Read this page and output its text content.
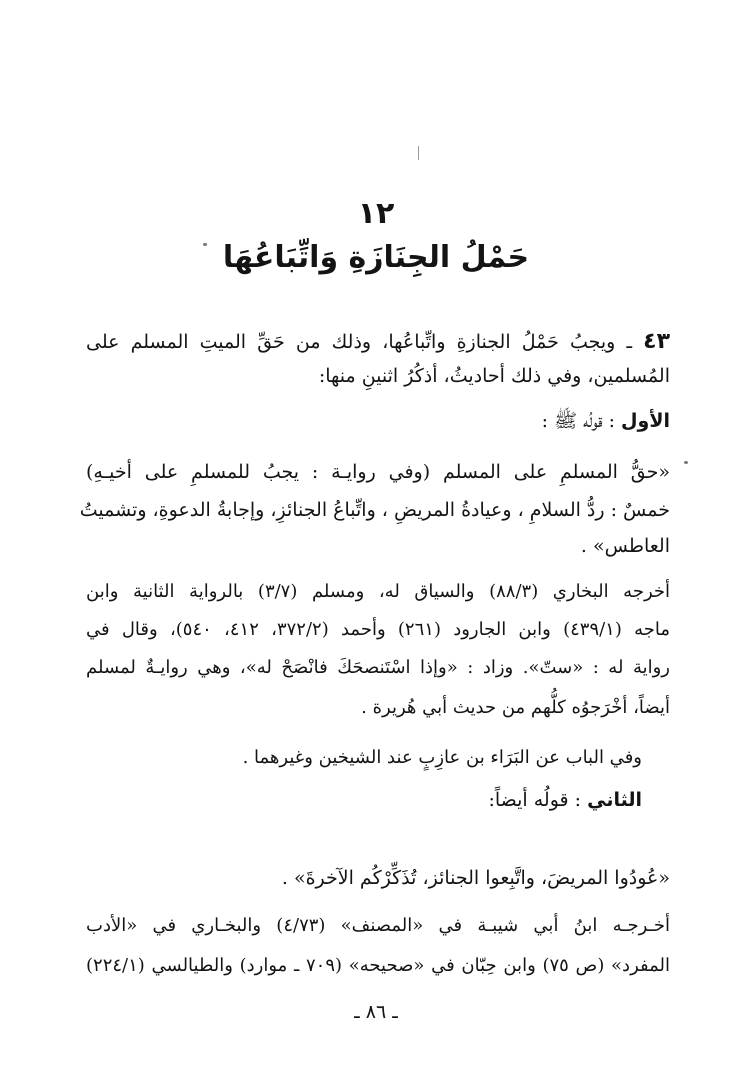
١٢
حَمْلُ الجِنَازَةِ وَاتِّبَاعُهَا
٤٣ ـ ويجبُ حَمْلُ الجنازةِ واتِّباعُها، وذلك من حَقِّ الميتِ المسلم على
المُسلمين، وفي ذلك أحاديثُ، أذكُرُ اثنينِ منها:
الأول : قولُه ﷺ :
«حقُّ المسلمِ على المسلم (وفي روايـة : يجبُ للمسلمِ على أخيـهِ)
خمسٌ : ردُّ السلامِ ، وعيادةُ المريضِ ، واتِّباعُ الجنائزِ، وإجابةُ الدعوةِ، وتشميتُ
العاطس» .
أخرجه البخاري (٨٨/٣) والسياق له، ومسلم (٣/٧) بالرواية الثانية وابن
ماجه (٤٣٩/١) وابن الجارود (٢٦١) وأحمد (٣٧٢/٢، ٤١٢، ٥٤٠)، وقال في
رواية له : «ستّ». وزاد : «وإذا اسْتَنصحَكَ فانْصَحْ له»، وهي روايـةٌ لمسلم
أيضاً، أخْرَجوُه كلُّهم من حديث أبي هُريرة .
وفي الباب عن البَرَاء بن عازِبٍ عند الشيخين وغيرهما .
الثاني : قولُه أيضاً:
«عُودُوا المريضَ، واتَّبِعوا الجنائز، تُذَكِّرْكُم الآخرةَ» .
أخـرجـه ابنُ أبي شيبـة في «المصنف» (٤/٧٣) والبخـاري في «الأدب
المفرد» (ص ٧٥) وابن حِبّان في «صحيحه» (٧٠٩ ـ موارد) والطيالسي (٢٢٤/١)
ـ ٨٦ ـ
